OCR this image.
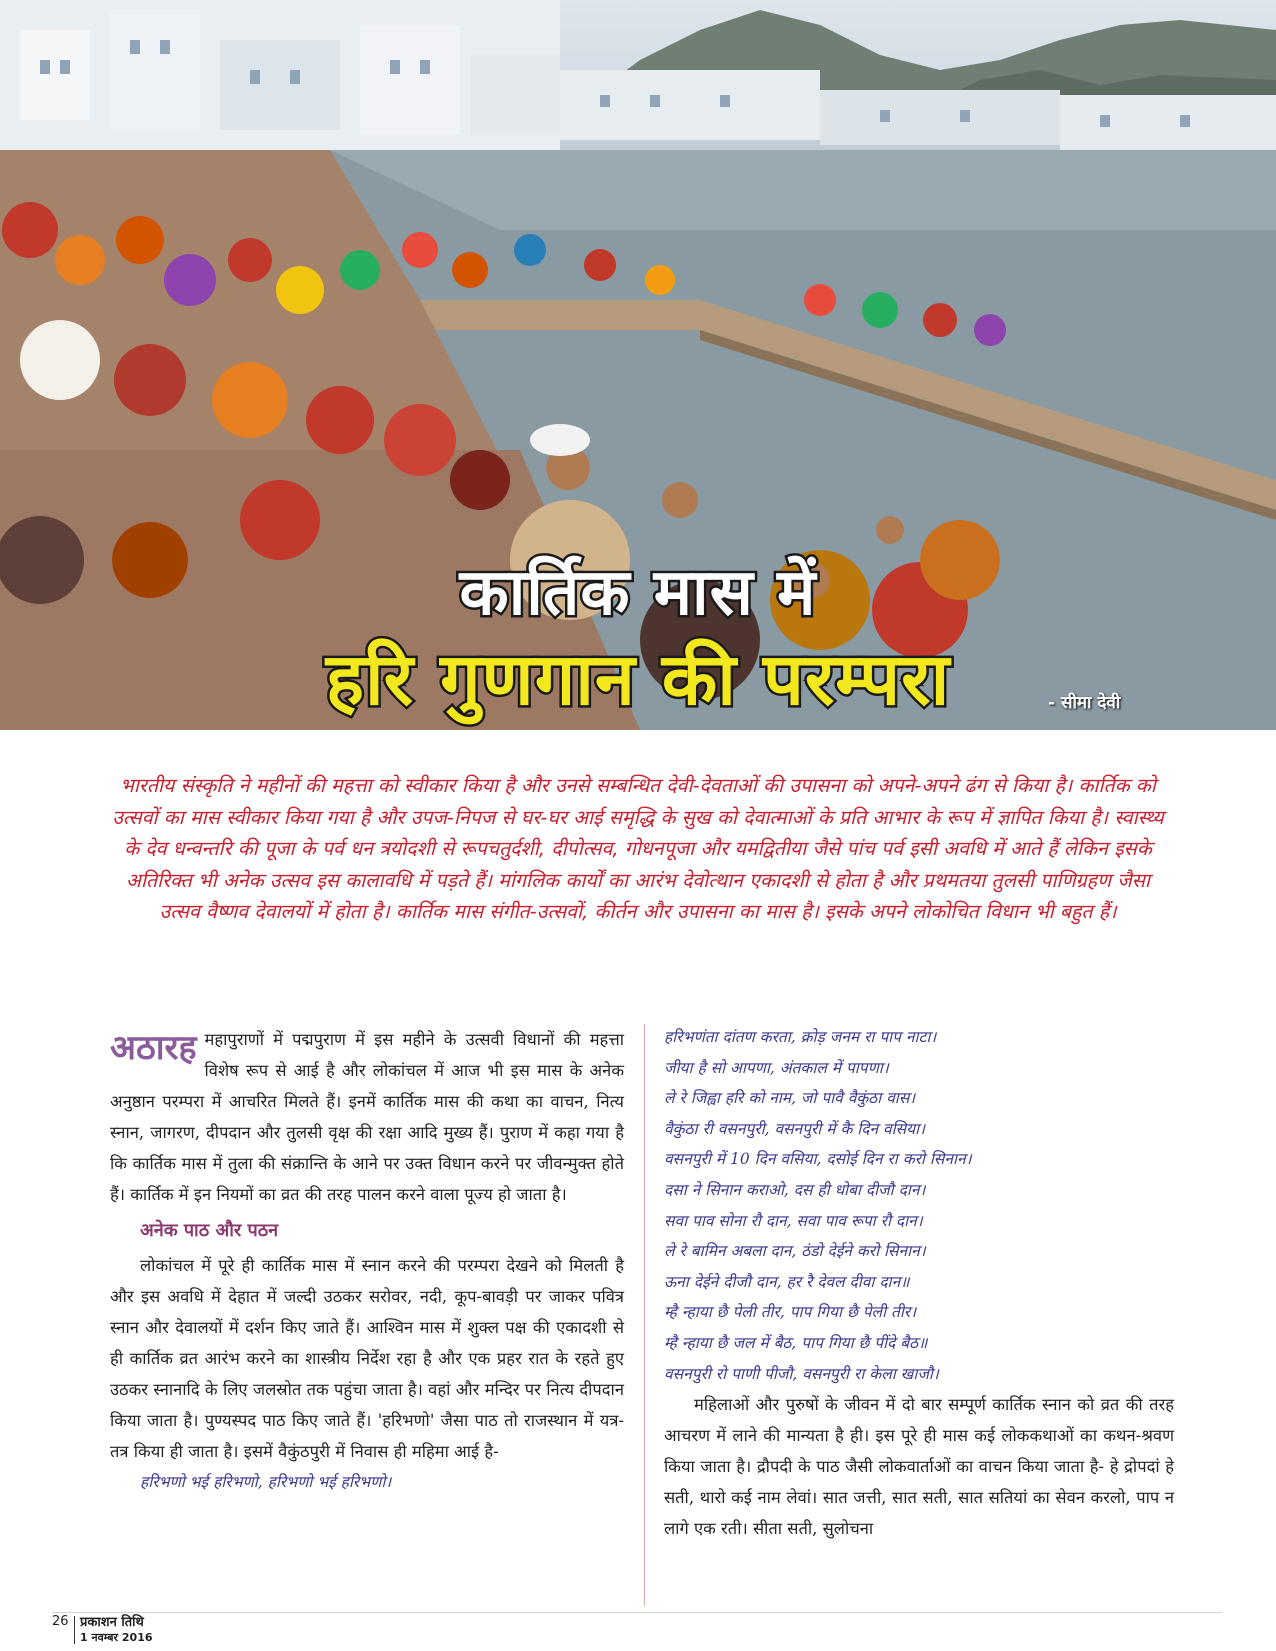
कार्तिक मास में
हरि गुणगान की परम्परा	- सीमा देवी
भारतीय संस्कृति ने महीनों की महत्ता को स्वीकार किया है और उनसे सम्बन्धित देवी-देवताओं की उपासना को अपने-अपने ढंग से किया है। कार्तिक को उत्सवों का मास स्वीकार किया गया है और उपज-निपज से घर-घर आई समृद्धि के सुख को देवात्माओं के प्रति आभार के रूप में ज्ञापित किया है। स्वास्थ्य के देव धन्वन्तरि की पूजा के पर्व धन त्रयोदशी से रूपचतुर्दशी, दीपोत्सव, गोधनपूजा और यमद्वितीया जैसे पांच पर्व इसी अवधि में आते हैं लेकिन इसके अतिरिक्त भी अनेक उत्सव इस कालावधि में पड़ते हैं। मांगलिक कार्यों का आरंभ देवोत्थान एकादशी से होता है और प्रथमतया तुलसी पाणिग्रहण जैसा उत्सव वैष्णव देवालयों में होता है। कार्तिक मास संगीत-उत्सवों, कीर्तन और उपासना का मास है। इसके अपने लोकोचित विधान भी बहुत हैं।
अठारह महापुराणों में पद्मपुराण में इस महीने के उत्सवी विधानों की महत्ता विशेष रूप से आई है और लोकांचल में आज भी इस मास के अनेक अनुष्ठान परम्परा में आचरित मिलते हैं। इनमें कार्तिक मास की कथा का वाचन, नित्य स्नान, जागरण, दीपदान और तुलसी वृक्ष की रक्षा आदि मुख्य हैं। पुराण में कहा गया है कि कार्तिक मास में तुला की संक्रान्ति के आने पर उक्त विधान करने पर जीवन्मुक्त होते हैं। कार्तिक में इन नियमों का व्रत की तरह पालन करने वाला पूज्य हो जाता है।

अनेक पाठ और पठन

लोकांचल में पूरे ही कार्तिक मास में स्नान करने की परम्परा देखने को मिलती है और इस अवधि में देहात में जल्दी उठकर सरोवर, नदी, कूप-बावड़ी पर जाकर पवित्र स्नान और देवालयों में दर्शन किए जाते हैं। आश्विन मास में शुक्ल पक्ष की एकादशी से ही कार्तिक व्रत आरंभ करने का शास्त्रीय निर्देश रहा है और एक प्रहर रात के रहते हुए उठकर स्नानादि के लिए जलस्रोत तक पहुंचा जाता है। वहां और मन्दिर पर नित्य दीपदान किया जाता है। पुण्यस्पद पाठ किए जाते हैं। 'हरिभणो' जैसा पाठ तो राजस्थान में यत्र-तत्र किया ही जाता है। इसमें वैकुंठपुरी में निवास ही महिमा आई है-

हरिभणो भई हरिभणो, हरिभणो भई हरिभणो।
हरिभणंता दांतण करता, क्रोड़ जनम रा पाप नाटा।
जीया है सो आपणा, अंतकाल में पापणा।
ले रे जिह्वा हरि को नाम, जो पावै वैकुंठा वास।
वैकुंठा री वसनपुरी, वसनपुरी में कै दिन वसिया।
वसनपुरी में 10 दिन वसिया, दसोई दिन रा करो सिनान।
दसा ने सिनान कराओ, दस ही धोबा दीजौ दान।
सवा पाव सोना रौ दान, सवा पाव रूपा रौ दान।
ले रे बामिन अबला दान, ठंडो देईने करो सिनान।
ऊना देईने दीजौ दान, हर रै देवल दीवा दान॥
म्है न्हाया छै पेली तीर, पाप गिया छै पेली तीर।
म्है न्हाया छै जल में बैठ, पाप गिया छै पींदे बैठ॥
वसनपुरी रो पाणी पीजौ, वसनपुरी रा केला खाजौ।

महिलाओं और पुरुषों के जीवन में दो बार सम्पूर्ण कार्तिक स्नान को व्रत की तरह आचरण में लाने की मान्यता है ही। इस पूरे ही मास कई लोककथाओं का कथन-श्रवण किया जाता है। द्रौपदी के पाठ जैसी लोकवार्ताओं का वाचन किया जाता है- हे द्रोपदां हे सती, थारो कई नाम लेवां। सात जत्ती, सात सती, सात सतियां का सेवन करलो, पाप न लागे एक रती। सीता सती, सुलोचना

26 प्रकाशन तिथि
1 नवम्बर 2016
